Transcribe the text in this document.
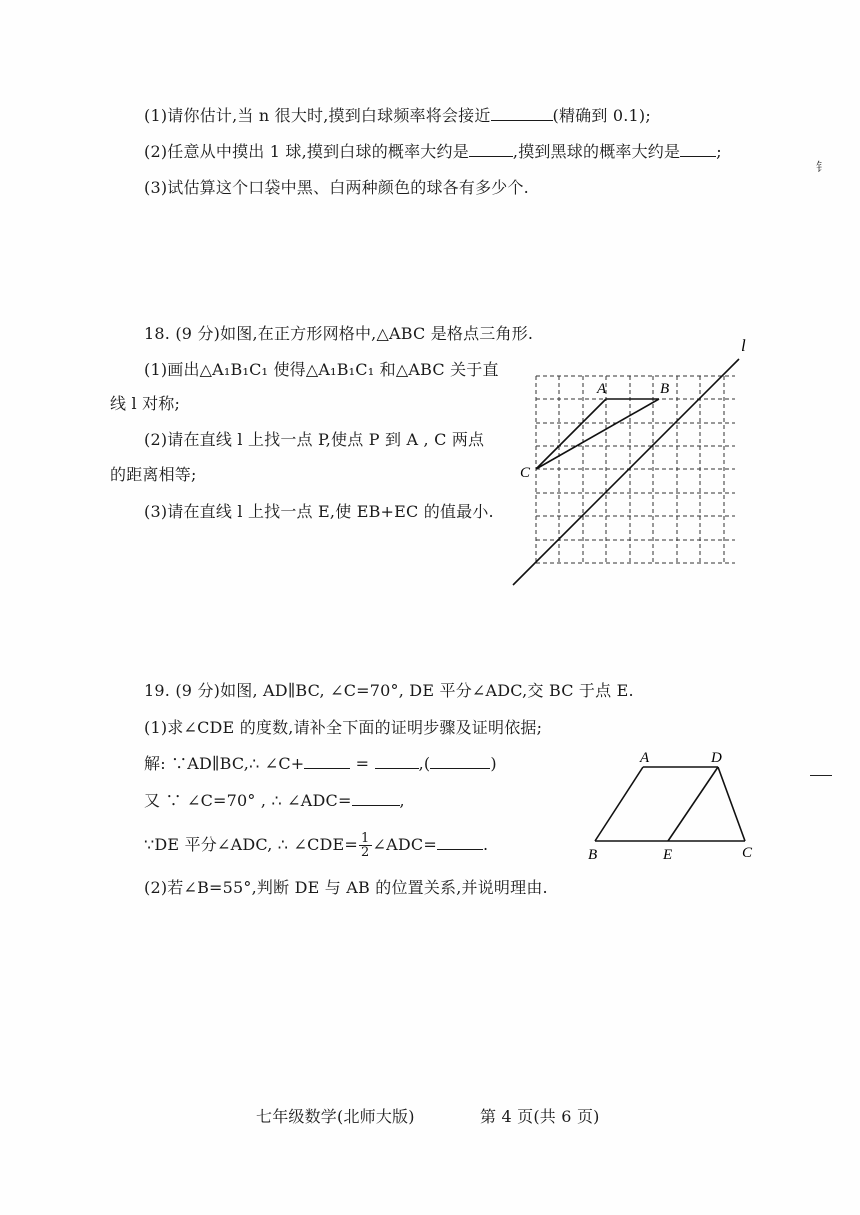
(1)请你估计,当 n 很大时,摸到白球频率将会接近	(精确到 0.1);
(2)任意从中摸出 1 球,摸到白球的概率大约是	,摸到黑球的概率大约是 ;
(3)试估算这个口袋中黑、白两种颜色的球各有多少个.
钅
18. (9 分)如图,在正方形网格中,△ABC 是格点三角形.
(1)画出△A₁B₁C₁ 使得△A₁B₁C₁ 和△ABC 关于直
线 l 对称;
(2)请在直线 l 上找一点 P,使点 P 到 A , C 两点
的距离相等;
(3)请在直线 l 上找一点 E,使 EB+EC 的值最小.
l
A	B
C
19. (9 分)如图, AD∥BC, ∠C=70°, DE 平分∠ADC,交 BC 于点 E.
(1)求∠CDE 的度数,请补全下面的证明步骤及证明依据;
解: ∵AD∥BC,∴ ∠C+	=	,(	)
又 ∵ ∠C=70° , ∴ ∠ADC=	,
∵DE 平分∠ADC, ∴ ∠CDE= $\frac{1}{2}$ ∠ADC=	.
(2)若∠B=55°,判断 DE 与 AB 的位置关系,并说明理由.
A	D
B	E	C
七年级数学(北师大版)	第 4 页(共 6 页)
